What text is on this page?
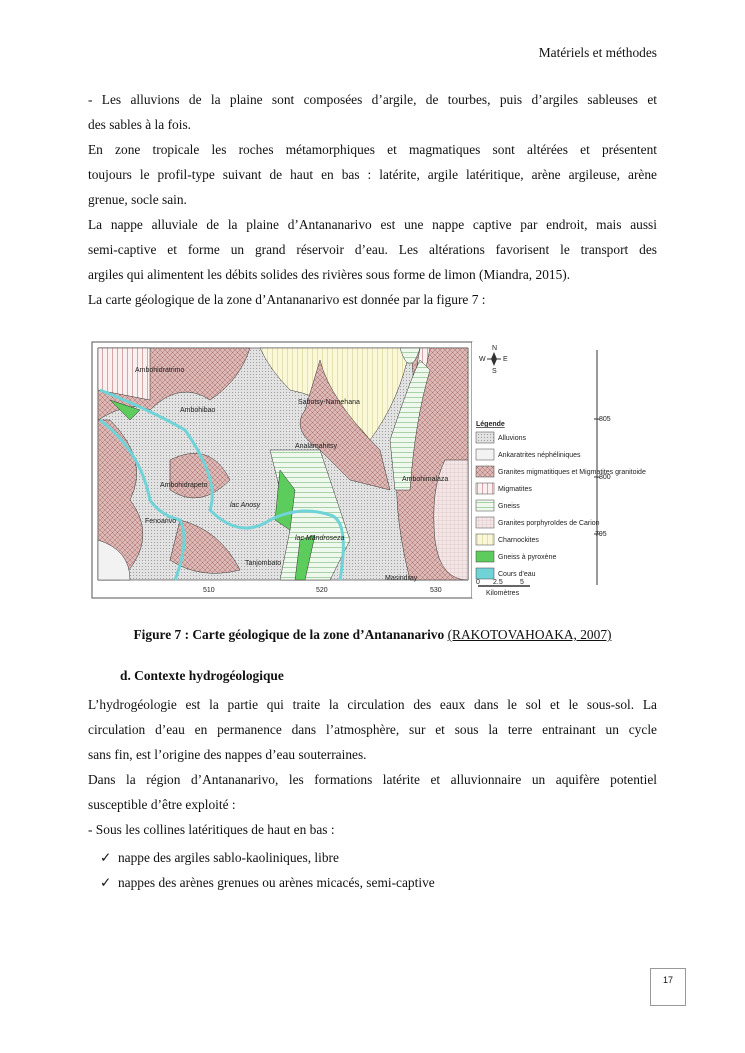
Matériels et méthodes
- Les alluvions de la plaine sont composées d’argile, de tourbes, puis d’argiles sableuses et
des sables à la fois.
En zone tropicale les roches métamorphiques et magmatiques sont altérées et présentent
toujours le profil-type suivant de haut en bas : latérite, argile latéritique, arène argileuse, arène
grenue, socle sain.
La nappe alluviale de la plaine d’Antananarivo est une nappe captive par endroit, mais aussi
semi-captive et forme un grand réservoir d’eau. Les altérations favorisent le transport des
argiles qui alimentent les débits solides des rivières sous forme de limon (Miandra, 2015).
La carte géologique de la zone d’Antananarivo est donnée par la figure 7 :
Ambohidratrimo
Ambohibao
Sabotsy-Namehana
Analamahitsy
Ambohimalaza
Ambohidrapeto
lac Anosy
lac Mandroseza
Fenoarivo
Tanjombato
Masindray
510	520	530
N
W E
S
805
800
795
Légende
Alluvions
Ankaratrites néphéliniques
Granites migmatitiques et Migmatites granitoide
Migmatites
Gneiss
Granites porphyroïdes de Carion
Charnockites
Gneiss à pyroxène
Cours d'eau
0 2.5 5
Kilomètres
Figure 7 : Carte géologique de la zone d’Antananarivo (RAKOTOVAHOAKA, 2007)
d. Contexte hydrogéologique
L’hydrogéologie est la partie qui traite la circulation des eaux dans le sol et le sous-sol. La
circulation d’eau en permanence dans l’atmosphère, sur et sous la terre entrainant un cycle
sans fin, est l’origine des nappes d’eau souterraines.
Dans la région d’Antananarivo, les formations latérite et alluvionnaire un aquifère potentiel
susceptible d’être exploité :
- Sous les collines latéritiques de haut en bas :
✓ nappe des argiles sablo-kaoliniques, libre
✓ nappes des arènes grenues ou arènes micacés, semi-captive
17
